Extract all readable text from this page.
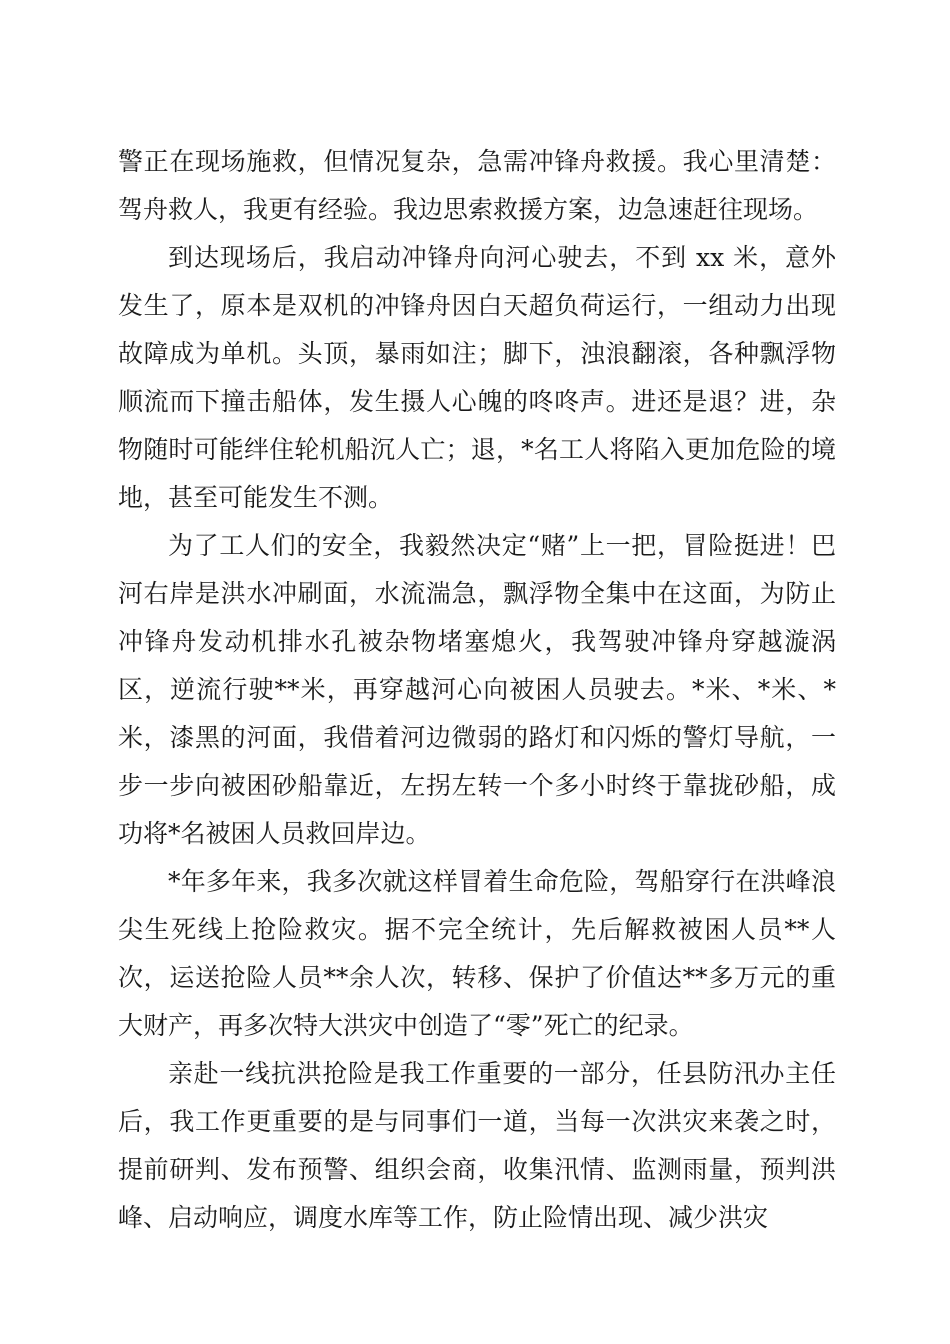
警正在现场施救，但情况复杂，急需冲锋舟救援。我心里清楚：驾舟救人，我更有经验。我边思索救援方案，边急速赶往现场。

到达现场后，我启动冲锋舟向河心驶去，不到 xx 米，意外发生了，原本是双机的冲锋舟因白天超负荷运行，一组动力出现故障成为单机。头顶，暴雨如注；脚下，浊浪翻滚，各种飘浮物顺流而下撞击船体，发生摄人心魄的咚咚声。进还是退？进，杂物随时可能绊住轮机船沉人亡；退，*名工人将陷入更加危险的境地，甚至可能发生不测。

为了工人们的安全，我毅然决定“赌”上一把，冒险挺进！巴河右岸是洪水冲刷面，水流湍急，飘浮物全集中在这面，为防止冲锋舟发动机排水孔被杂物堵塞熄火，我驾驶冲锋舟穿越漩涡区，逆流行驶**米，再穿越河心向被困人员驶去。*米、*米、*米，漆黑的河面，我借着河边微弱的路灯和闪烁的警灯导航，一步一步向被困砂船靠近，左拐左转一个多小时终于靠拢砂船，成功将*名被困人员救回岸边。

*年多年来，我多次就这样冒着生命危险，驾船穿行在洪峰浪尖生死线上抢险救灾。据不完全统计，先后解救被困人员**人次，运送抢险人员**余人次，转移、保护了价值达**多万元的重大财产，再多次特大洪灾中创造了“零”死亡的纪录。

亲赴一线抗洪抢险是我工作重要的一部分，任县防汛办主任后，我工作更重要的是与同事们一道，当每一次洪灾来袭之时，提前研判、发布预警、组织会商，收集汛情、监测雨量，预判洪峰、启动响应，调度水库等工作，防止险情出现、减少洪灾
